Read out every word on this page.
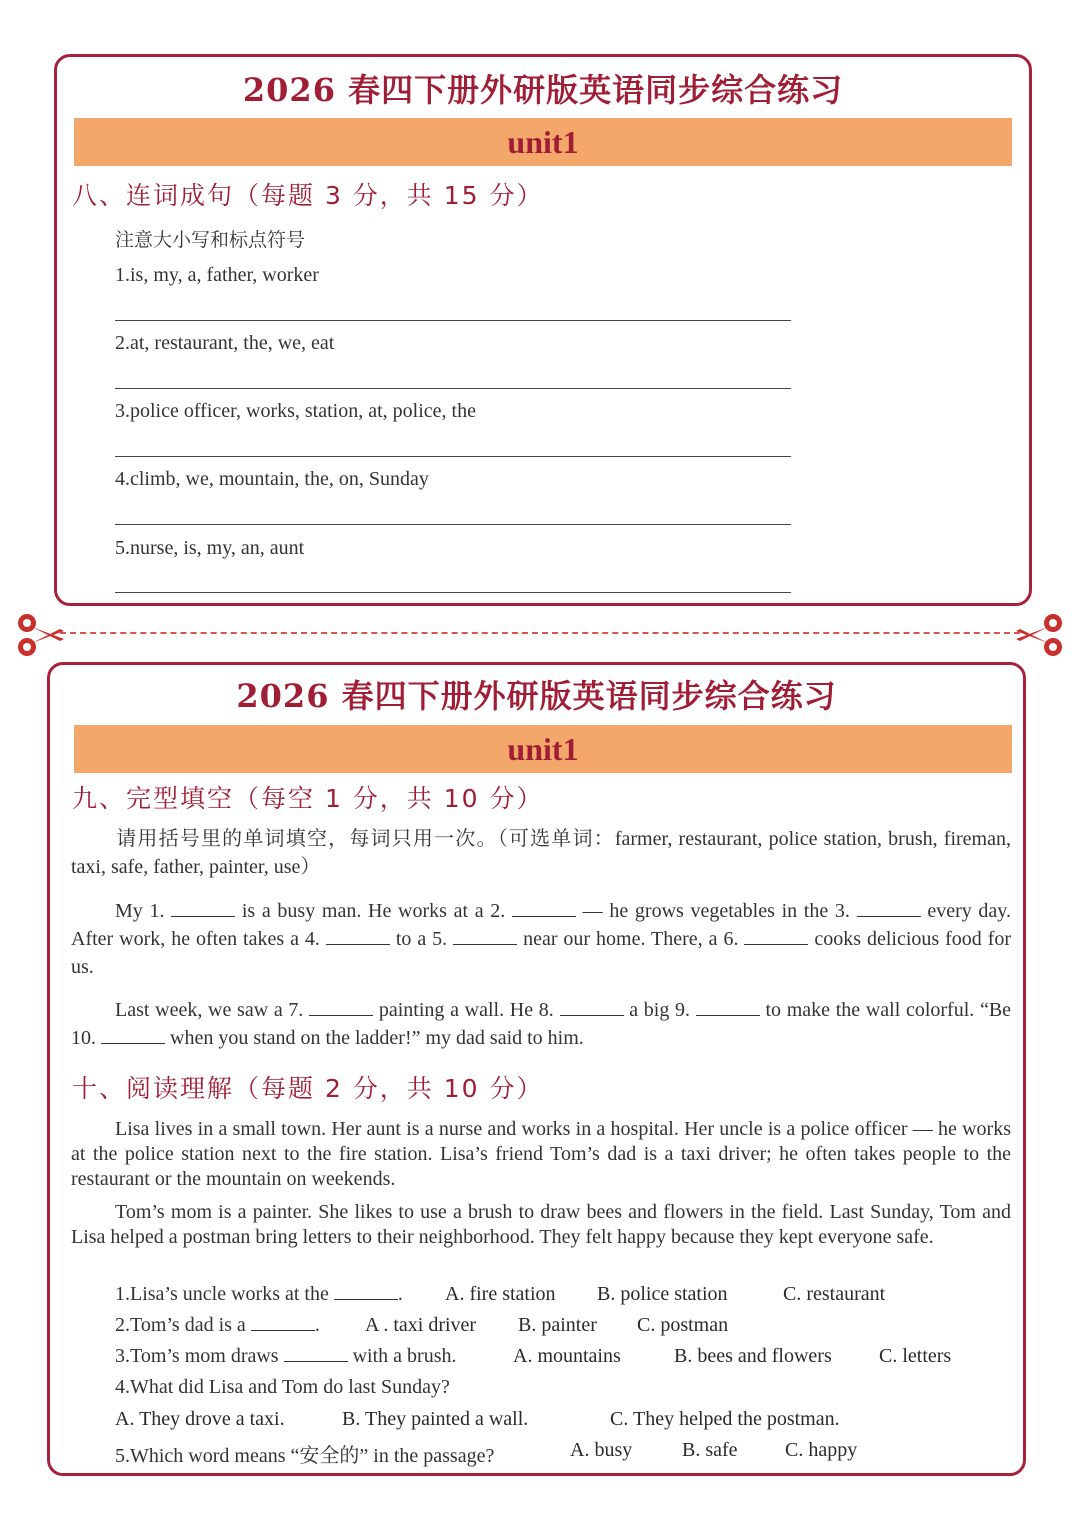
2026 春四下册外研版英语同步综合练习
unit1
八、连词成句（每题 3 分，共 15 分）
注意大小写和标点符号
1.is, my, a, father, worker
2.at, restaurant, the, we, eat
3.police officer, works, station, at, police, the
4.climb, we, mountain, the, on, Sunday
5.nurse, is, my, an, aunt
2026 春四下册外研版英语同步综合练习
unit1
九、完型填空（每空 1 分，共 10 分）
请用括号里的单词填空，每词只用一次。（可选单词：farmer, restaurant, police station, brush, fireman, taxi, safe, father, painter, use）
My 1.	is a busy man. He works at a 2.	— he grows vegetables in the 3.	every day. After work, he often takes a 4.	to a 5.	near our home. There, a 6.	cooks delicious food for us.
Last week, we saw a 7.	painting a wall. He 8.	a big 9.	to make the wall colorful. “Be 10.	when you stand on the ladder!” my dad said to him.
十、阅读理解（每题 2 分，共 10 分）
Lisa lives in a small town. Her aunt is a nurse and works in a hospital. Her uncle is a police officer — he works at the police station next to the fire station. Lisa’s friend Tom’s dad is a taxi driver; he often takes people to the restaurant or the mountain on weekends.
Tom’s mom is a painter. She likes to use a brush to draw bees and flowers in the field. Last Sunday, Tom and Lisa helped a postman bring letters to their neighborhood. They felt happy because they kept everyone safe.
1.Lisa’s uncle works at the	. A. fire station B. police station	C. restaurant
2.Tom’s dad is a	. A . taxi driver B. painter C. postman
3.Tom’s mom draws	with a brush.	A. mountains	B. bees and flowers C. letters
4.What did Lisa and Tom do last Sunday?
A. They drove a taxi.	B. They painted a wall.	C. They helped the postman.
5.Which word means “安全的” in the passage?	A. busy B. safe C. happy
